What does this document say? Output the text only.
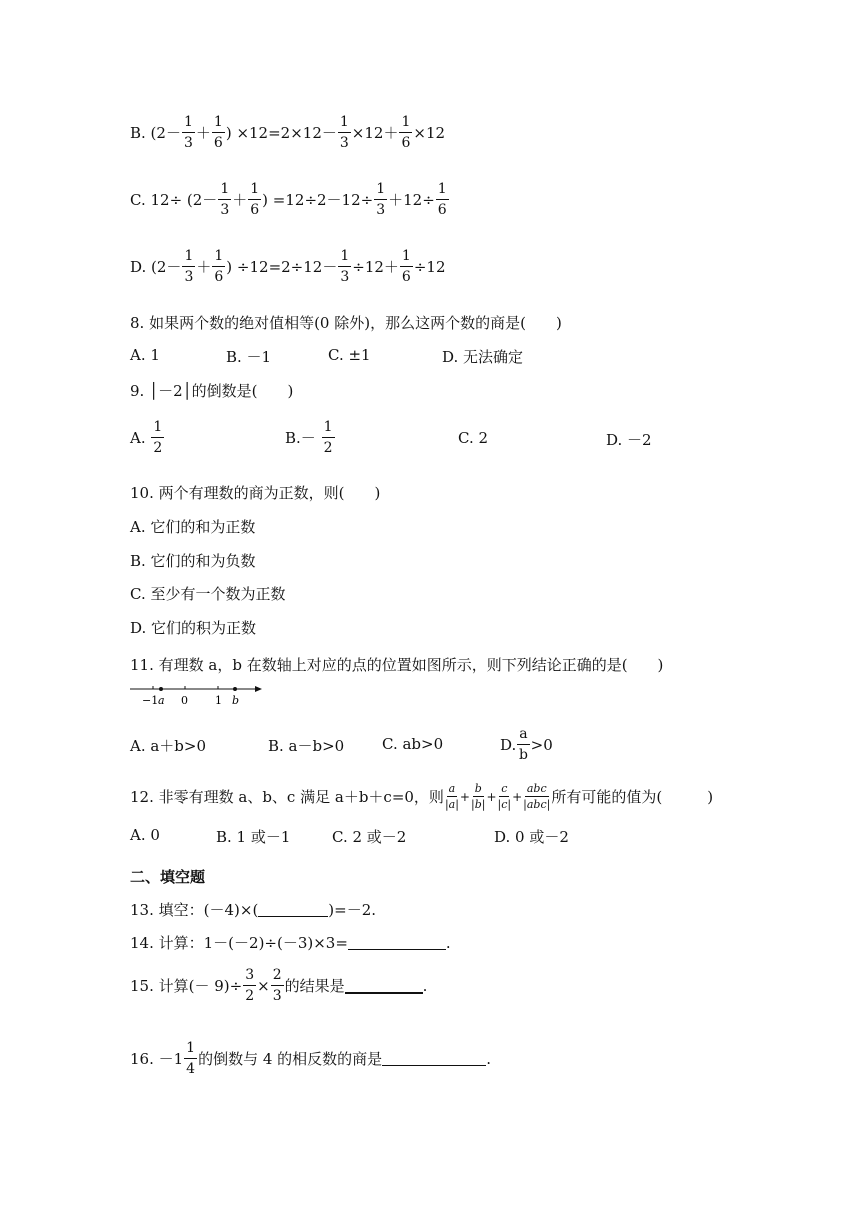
B. ($2- \frac{1}{3} + \frac{1}{6}$ ) $\times 12=2\times 12- \frac{1}{3} \times 12+ \frac{1}{6} \times 12$
C. $12\div (2- \frac{1}{3} + \frac{1}{6}$ ) $=12\div 2-12\div \frac{1}{3} +12\div \frac{1}{6}$
D. ($2- \frac{1}{3} + \frac{1}{6}$ ) $\div 12=2\div 12- \frac{1}{3} \div 12+ \frac{1}{6} \div 12$
8. 如果两个数的绝对值相等(0 除外)，那么这两个数的商是(　　)
A. 1	B. －1	C. ±1	D. 无法确定
9. │－2│的倒数是(　　)
A.
$\frac{1}{2}$	B.－
$\frac{1}{2}$	C. 2	D. －2
10. 两个有理数的商为正数，则(　　)
A. 它们的和为正数
B. 它们的和为负数
C. 至少有一个数为正数
D. 它们的积为正数
11. 有理数 a，b 在数轴上对应的点的位置如图所示，则下列结论正确的是(　　)
−1 a 0 1 b
A. a＋b>0	B. a－b>0	C. ab>0	D. $\frac{a}{b} >0$
12. 非零有理数 a、b、c 满足 a＋b＋c=0，则 $\frac{a}{|a|} + \frac{b}{|b|} + \frac{c}{|c|} + \frac{\text{abc}}{\text{|abc|}}$ 所有可能的值为(　　　)
A. 0	B. 1 或－1	C. 2 或－2	D. 0 或－2
二、填空题
13. 填空：(－4)×(	)=－2.
14. 计算：1－(－2)÷(－3)×3=	.
15. 计算(－ $9)\div \frac{3}{2} \times \frac{2}{3}$ 的结果是	.
16. $-1 \frac{1}{4}$ 的倒数与 4 的相反数的商是	.
